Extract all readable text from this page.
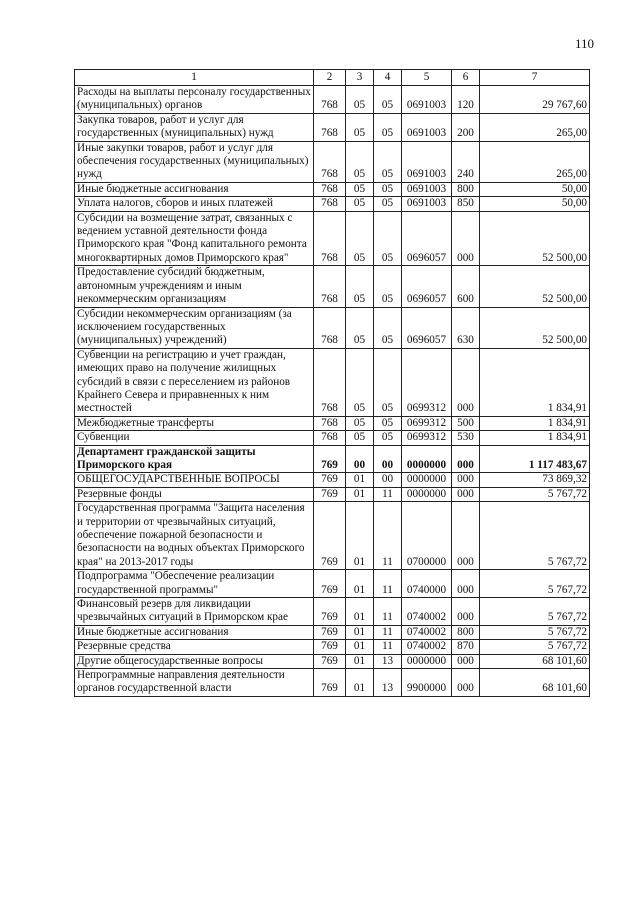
110
1	2	3	4	5	6	7
Расходы на выплаты персоналу государственных (муниципальных) органов	768	05	05	0691003	120	29 767,60
Закупка товаров, работ и услуг для государственных (муниципальных) нужд	768	05	05	0691003	200	265,00
Иные закупки товаров, работ и услуг для обеспечения государственных (муниципальных) нужд	768	05	05	0691003	240	265,00
Иные бюджетные ассигнования	768	05	05	0691003	800	50,00
Уплата налогов, сборов и иных платежей	768	05	05	0691003	850	50,00
Субсидии на возмещение затрат, связанных с ведением уставной деятельности фонда Приморского края "Фонд капитального ремонта многоквартирных домов Приморского края"	768	05	05	0696057	000	52 500,00
Предоставление субсидий бюджетным, автономным учреждениям и иным некоммерческим организациям	768	05	05	0696057	600	52 500,00
Субсидии некоммерческим организациям (за исключением государственных (муниципальных) учреждений)	768	05	05	0696057	630	52 500,00
Субвенции на регистрацию и учет граждан, имеющих право на получение жилищных субсидий в связи с переселением из районов Крайнего Севера и приравненных к ним местностей	768	05	05	0699312	000	1 834,91
Межбюджетные трансферты	768	05	05	0699312	500	1 834,91
Субвенции	768	05	05	0699312	530	1 834,91
Департамент гражданской защиты Приморского края	769	00	00	0000000	000	1 117 483,67
ОБЩЕГОСУДАРСТВЕННЫЕ ВОПРОСЫ	769	01	00	0000000	000	73 869,32
Резервные фонды	769	01	11	0000000	000	5 767,72
Государственная программа "Защита населения и территории от чрезвычайных ситуаций, обеспечение пожарной безопасности и безопасности на водных объектах Приморского края" на 2013-2017 годы	769	01	11	0700000	000	5 767,72
Подпрограмма "Обеспечение реализации государственной программы"	769	01	11	0740000	000	5 767,72
Финансовый резерв для ликвидации чрезвычайных ситуаций в Приморском крае	769	01	11	0740002	000	5 767,72
Иные бюджетные ассигнования	769	01	11	0740002	800	5 767,72
Резервные средства	769	01	11	0740002	870	5 767,72
Другие общегосударственные вопросы	769	01	13	0000000	000	68 101,60
Непрограммные направления деятельности органов государственной власти	769	01	13	9900000	000	68 101,60
